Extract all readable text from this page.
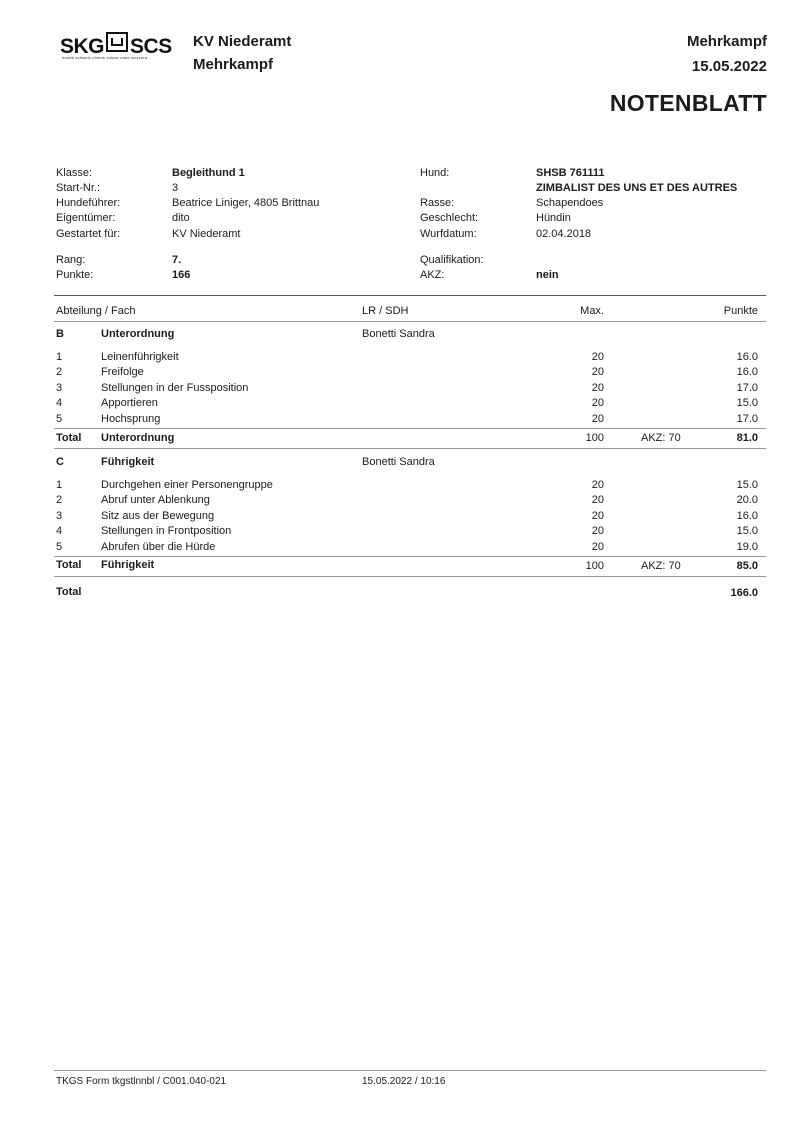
SKG SCS
hunde schweiz chiens suisse cane svizzera
KV Niederamt
Mehrkampf
Mehrkampf
15.05.2022
NOTENBLATT
Klasse:	Begleithund 1
Start-Nr.:	3
Hundeführer:	Beatrice Liniger, 4805 Brittnau
Eigentümer:	dito
Gestartet für:	KV Niederamt
Rang:	7.
Punkte:	166
Hund:	SHSB 761111
ZIMBALIST DES UNS ET DES AUTRES
Rasse:	Schapendoes
Geschlecht:	Hündin
Wurfdatum:	02.04.2018
Qualifikation:
AKZ:	nein
Abteilung / Fach	LR / SDH	Max.	Punkte
B	Unterordnung	Bonetti Sandra
1	Leinenführigkeit	20	16.0
2	Freifolge	20	16.0
3	Stellungen in der Fussposition	20	17.0
4	Apportieren	20	15.0
5	Hochsprung	20	17.0
Total Unterordnung	100	AKZ: 70	81.0
C	Führigkeit	Bonetti Sandra
1	Durchgehen einer Personengruppe	20	15.0
2	Abruf unter Ablenkung	20	20.0
3	Sitz aus der Bewegung	20	16.0
4	Stellungen in Frontposition	20	15.0
5	Abrufen über die Hürde	20	19.0
Total Führigkeit	100	AKZ: 70	85.0
Total	166.0
TKGS Form tkgstlnnbl / C001.040-021	15.05.2022 / 10:16
